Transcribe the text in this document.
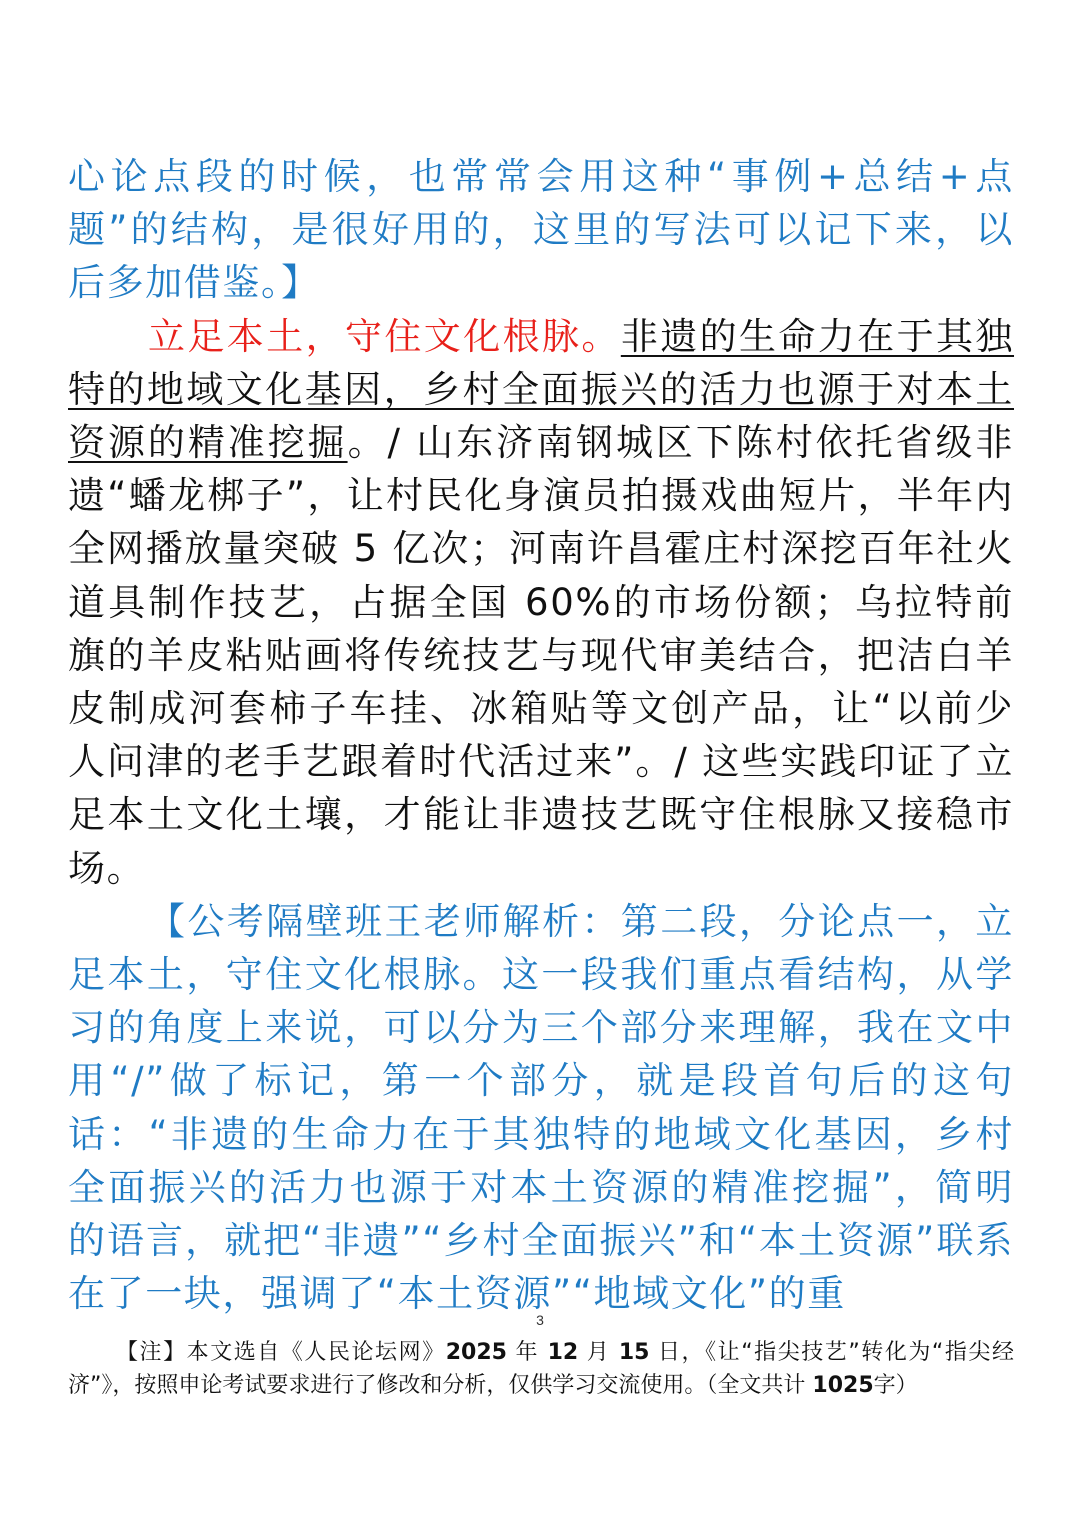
心论点段的时候，也常常会用这种“事例+总结+点题”的结构，是很好用的，这里的写法可以记下来，以后多加借鉴。】

立足本土，守住文化根脉。非遗的生命力在于其独特的地域文化基因，乡村全面振兴的活力也源于对本土资源的精准挖掘。/ 山东济南钢城区下陈村依托省级非遗“蟠龙梆子”，让村民化身演员拍摄戏曲短片，半年内全网播放量突破 5 亿次；河南许昌霍庄村深挖百年社火道具制作技艺，占据全国 60%的市场份额；乌拉特前旗的羊皮粘贴画将传统技艺与现代审美结合，把洁白羊皮制成河套柿子车挂、冰箱贴等文创产品，让“以前少人问津的老手艺跟着时代活过来”。/ 这些实践印证了立足本土文化土壤，才能让非遗技艺既守住根脉又接稳市场。

【公考隔壁班王老师解析：第二段，分论点一，立足本土，守住文化根脉。这一段我们重点看结构，从学习的角度上来说，可以分为三个部分来理解，我在文中用“/”做了标记，第一个部分，就是段首句后的这句话：“非遗的生命力在于其独特的地域文化基因，乡村全面振兴的活力也源于对本土资源的精准挖掘”，简明的语言，就把“非遗”“乡村全面振兴”和“本土资源”联系在了一块，强调了“本土资源”“地域文化”的重

3

【注】本文选自《人民论坛网》2025 年 12 月 15 日，《让“指尖技艺”转化为“指尖经济”》，按照申论考试要求进行了修改和分析，仅供学习交流使用。（全文共计 1025字）
